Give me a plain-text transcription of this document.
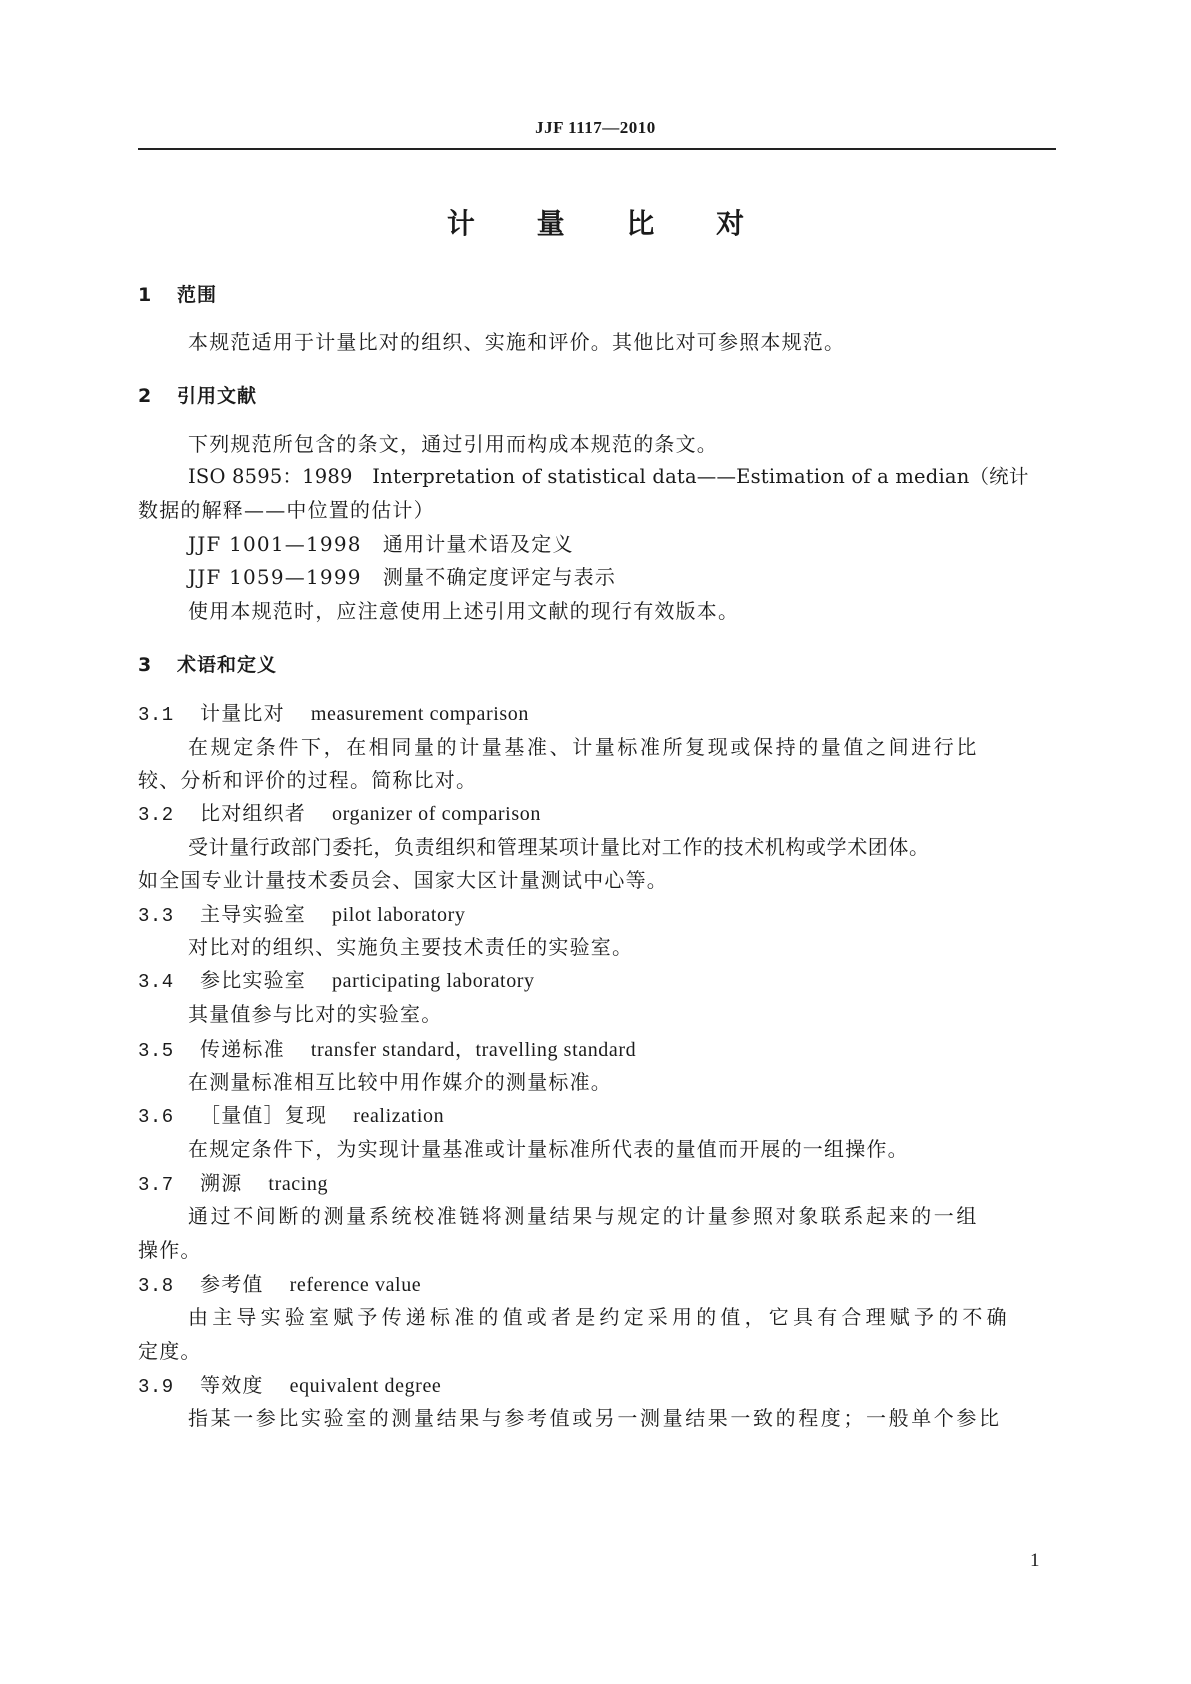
JJF 1117—2010
计 量 比 对
1 范围
本规范适用于计量比对的组织、实施和评价。其他比对可参照本规范。
2 引用文献
下列规范所包含的条文，通过引用而构成本规范的条文。
ISO 8595：1989　Interpretation of statistical data——Estimation of a median（统计
数据的解释——中位置的估计）
JJF 1001—1998　通用计量术语及定义
JJF 1059—1999　测量不确定度评定与表示
使用本规范时，应注意使用上述引用文献的现行有效版本。
3 术语和定义
3.1 计量比对 measurement comparison
在规定条件下，在相同量的计量基准、计量标准所复现或保持的量值之间进行比
较、分析和评价的过程。简称比对。
3.2 比对组织者 organizer of comparison
受计量行政部门委托，负责组织和管理某项计量比对工作的技术机构或学术团体。
如全国专业计量技术委员会、国家大区计量测试中心等。
3.3 主导实验室 pilot laboratory
对比对的组织、实施负主要技术责任的实验室。
3.4 参比实验室 participating laboratory
其量值参与比对的实验室。
3.5 传递标准 transfer standard，travelling standard
在测量标准相互比较中用作媒介的测量标准。
3.6 ［量值］复现 realization
在规定条件下，为实现计量基准或计量标准所代表的量值而开展的一组操作。
3.7 溯源 tracing
通过不间断的测量系统校准链将测量结果与规定的计量参照对象联系起来的一组
操作。
3.8 参考值 reference value
由主导实验室赋予传递标准的值或者是约定采用的值，它具有合理赋予的不确
定度。
3.9 等效度 equivalent degree
指某一参比实验室的测量结果与参考值或另一测量结果一致的程度；一般单个参比
1
